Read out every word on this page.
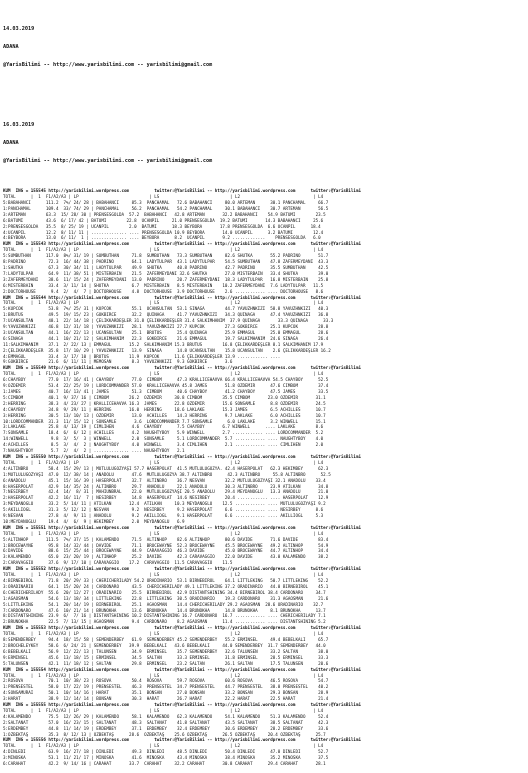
14.03.2019

ADANA

@YarisBilimi -- http://www.yarisbilimi.com -- yarisbilimi@gmail.com

16.03.2019

ADANA

@YarisBilimi -- http://www.yarisbilimi.com -- yarisbilimi@gmail.com

KUM  ING = 155545 http://yarisbilimi.wordpress.com          twitter:@YarisBilimi -- http://yarisbilimi.wordpress.com      twitter:@YarisBilimi
TOTAL      |  1  F1/A2/A3 | LP                            | LS                            | L2                             | L4
5:BABAHANCI      111.2  7%/ 24/ 28 | BABAHANCI     85.3  PANCHAMAL   72.6 BABAHANCI     80.0 ARTEMAN      30.1 PANCHAMAL     66.7
1:PANCHAMAL      109.4  33/ 74/ 29 | PANCHAMAL     56.2  PANCHAMAL   54.2 PANCHAMAL     30.1 BABAHANCI    30.7 ARTEMAN       56.5
3:ARTEMAN        63.3  15/ 28/ 30 | PRENSESGOLDA  57.2  BABAHANCI   42.8 ARTEMAN       32.2 BABAHANCI    54.9 BATUMI        23.5
6:BATUMI         43.6  6/ 17/ 42 | BATUMI        22.8  UCANPIL     21.0 PRENSESGOLDA  19.2 BATUMI       14.3 BABAHANCI     25.6
2:PRENSESGOLDA   35.5  8/ 25/ 19 | UCANPIL        2.0  BATUMI      18.3 BEYBORA       17.8 PRENSESGOLDA  6.6 UCANPIL      18.4
4:UCANPIL        12.2  8/ 11/ 11 | .............. .... PRENSESGOLDA 10.9 BEYBORA       14.0 UCANPIL      3.2 BATUMI        12.4
4:BEYBORA        13.0  6/ 11/  1 | .............. .... BEYBORA      8.2  UCANPIL       9.2 .............    PRENSESGOLDA   6.0
KUM  ING = 155543 http://yarisbilimi.wordpress.com          twitter:@YarisBilimi -- http://yarisbilimi.wordpress.com      twitter:@YarisBilimi
TOTAL      |  1  F1/A2/A3 | LP                            | LS                            | L2                             | L4
5:SUMBUTHAN      117.0  8%/ 31/ 19 | SUMBUTHAN     71.8  SUMBUTHAN   73.3 SUMBUTHAN     82.6 SHUTKA       55.2 PADRINO       51.7
8:PADRINO         72.3  16/ 44/ 38 | PADRINO       64.1  LADYTULPAR  43.1 LADYTULPAR    54.5 SUMBUTHAN    47.8 ZAFERMEYDANI  43.3
1:SHUTKA          67.3  30/ 34/ 11 | LADYTULPAR    49.9  SHUTKA      40.8 PADRINO       42.7 PADRINO      35.5 SUMBUTHAN     42.5
7:LADYTULPAR      64.9  11/ 38/ 51 | MISTERBAIN    21.5  ZAFERMEYDANI 32.6 SHUTKA       27.0 MISTERBAIN   33.4 SHUTKA        39.0
3:ZAFERMEYDANI    38.6  11/ 15/ 24 | ZAFERMEYDANI  13.0  PADRINO     20.7 ZAFERMEYDANI  18.3 LADYTULPAR   16.8 MISTERBAIN    25.8
6:MISTERBAIN      33.4  3/ 11/ 14 | SHUTKA         6.7  MISTERBAIN   8.5 MISTERBAIN    10.2 ZAFERMEYDANI  7.6 LADYTULPAR   11.5
2:DOCTORHOUSE      9.4  2/  4/  7 | DOCTORHOUSE    4.8  DOCTORHOUSE  3.9 DOCTORHOUSE    2.6 ............ .... DOCTORHOUSE   8.6
KUM  ING = 155544 http://yarisbilimi.wordpress.com          twitter:@YarisBilimi -- http://yarisbilimi.wordpress.com      twitter:@YarisBilimi
TOTAL      |  1  F1/A2/A3 | LP                            | LS                            | L2                             | L4
5:KUPCOK          53.8  7%/ 25/ 31 | KUPCOK        55.1  UCANSULTAN  53.1 SINAGA        44.7 YAVUZHNKIZI  58.8 YAVUZHNKIZI   40.3
1:BRUTUS          49.5  19/ 15/ 23 | GOKBIRCE      32.2  QUINAGA     41.7 YAVUZHNKIZI   34.3 QUINAGA      47.4 YAVUZHNKIZI   36.8
7:UCANSULTAN      48.1  22/ 14/ 18 | ÇELIKKARDEŞLER 31.8 ÇELIKKARDEŞLER 31.4 SALKIMHANIM  37.9 QUINAGA       33.3 QUINAGA      33.3
9:YAVUZHNKIZI     46.8  12/ 31/ 18 | YAVUZHNKIZI   28.1  YAVUZHNKIZI 27.7 KUPCOK        27.3 GOKBIRCE     25.1 KUPCOK        28.8
3:UCANSULTAN      44.1  16/ 22/ 13 | UCANSULTAN    25.1  BRUTUS      25.4 QUINAGA       25.9 EMMAGUL      25.0 EMMAGUL       28.6
6:SINAGA          44.1  10/ 21/ 12 | SALKIMHANIM   22.3  GOKBIRCE    21.6 EMMAGUL       19.7 SALKIMHANIM  24.6 SINAGA        26.4
11:SALKIMHANIM    37.1  2/ 22/ 13 | EMMAGUL       15.2  SALKIMHANIM 15.3 BRUTUS        16.8 ÇELIKKARDEŞLER 8.1 SALKIMHANIM 17.9
2:ÇELIKKARDEŞLER  35.8  17/ 10/ 29 | YAVUZHNKIZI   13.9  SINAGA      14.8 UCANSULTAN    15.8 UCANSULTAN    2.6 ÇELIKKARDEŞLER 16.2
4:EMMAGUL         33.4  3/ 17/ 10 | BRUTUS        11.9  KUPCOK      11.6 ÇELIKKARDEŞLER 13.9 ............ ....
9:GOKBIRCE        21.6  6/ 11/ 11 | MEMOSAN        8.3  YAVUZHNKIZI  9.3 GOKBIRCE       3.6
KUM  ING = 155549 http://yarisbilimi.wordpress.com          twitter:@YarisBilimi -- http://yarisbilimi.wordpress.com      twitter:@YarisBilimi
TOTAL      |  1  F1/A2/A3 | LP                            | LS                            | L2                             | L4
6:CHAYBOY         77.0  17/ 16/ 41 | CHAYBOY       77.0  CIMBOM      47.3 KRALLICEHAVVA 66.4 KRALLICEHAVVA 54.5 CHAYBOY      52.5
9:OZDEMIR         53.4  22/ 25/ 19 | LORDCOMMANDER 57.0  KRALLICEHAVVA 45.8 JAMES       51.8 OZDEMIR      47.6 CIMBOM        37.4
1:JAMES           40.7  16/ 13/ 41 | JAMES         51.3  CIMBOM      40.6 CHAYBOY       41.2 CHAYBOY      47.5 JAMES         33.5
5:CIMBOM          40.1  9/ 37/ 16 | CIMBOM        26.2  OZDEMIR     30.8 CIMBOM        35.5 CIMBOM       23.0 OZDEMIR       31.1
2:HERRING         38.3  4/ 23/ 27 | KRALLICEHAVVA 16.3  JAMES       22.8 OZDEMIR       15.6 SONSAMLE      8.8 OZDEMIR       24.5
4:CHAYBOY         34.8  9/ 29/ 11 | HERRING       16.0  HERRING     18.6 LAKLAKE       15.3 JAMES         6.5 ACHILLES      10.7
3:HERRING         30.5  13/ 10/ 13 | OZDEMIR       13.0  ACHILLES    14.3 HERRING       9.7 LAKLAKE       6.0 ACHILLES      10.7
10:LORDCOMMANDER  31.3  11/ 15/ 12 | SONSAMLE       3.6  LORDCOMMANDER 7.7 SONSAMLE      6.0 LAKLAKE      3.2 WINWELL       15.1
3:LAKLAKE         25.8  4/ 13/ 19 | CIMLIHEN       4.6  CHAYBOY      7.5 CHAYBOY       6.7 WINWELL      .... LAKLAKE        8.6
7:SONSAMLE        18.4  6/  6/ 12 | ACHILLES       4.2  NAUGHTYBOY   5.9 WINWELL       2.7 ............ .... LORDCOMMANDER  5.2
14:WINWELL         9.8  3/  5/  3 | WINWELL        2.0  SONSAMLE     5.1 LORDCOMMANDER  5.7 ............ .... NAUGHTYBOY    4.0
4:ACHILLES         8.5  3/  4/  2 | NAUGHTYBOY     4.0  WINWELL      3.4 CIMLIHEN       2.1 ............ .... CIMLIHEN      2.0
7:NAUGHTYBOY       5.7  2/  4/  2 | .............. .... NAUGHTYBOY   2.1
KUM  ING = 155550 http://yarisbilimi.wordpress.com          twitter:@YarisBilimi -- http://yarisbilimi.wordpress.com      twitter:@YarisBilimi
TOTAL      |  1  F1/A2/A3 | LP                            | LS                            | L2                             | L4
4:ALTINBRO        58.4  15/ 29/ 13 | MUTLULUGOZYAŞI 57.7 HASERPOLAT  41.5 MUTLULUGOZYA. 42.4 HASERPOLAT   62.3 HEKIMBEY      62.3
1:MUTLULUGOZYAŞI  47.0  12/ 38/ 14 | ANADOLU       47.6  MUTLULUGOZYA 38.7 ALTINBRO      42.3 ALTINBRO     55.8 ALTINBRO      52.5
6:ANADOLU         45.1  15/ 16/ 39 | HASERPOLAT    32.7  ALTINBRO    36.7 NESVAN        32.2 MUTLULUGOZYAŞI 32.1 ANADOLU    33.4
8:HASERPOLAT      42.9  14/ 35/ 24 | ALTINBRO      29.7  ANADOLU     22.1 ANADOLU       30.3 ALTINBRO     23.9 ATILKAN       34.8
7:NESIRBEY        42.4  14/  8/ 31 | MAHIUNBRAL    22.0  MUTLULUGOZYAŞI 20.5 ANADOLU    29.4 MEYDANOGLU   13.3 ANADOLU       21.0
2:HASERPOLAT      42.2  16/ 11/  7 | NESIRBEY      14.8  HASERPOLAT  14.6 NESIRBEY      20.4 ............ .... HASERPOLAT    12.9
3:MEYDANOGLU      33.2  5/ 14/ 11 | ATILKAN       12.4  ATILKAN     10.3 MEYDANOGLU    12.5 ............ .... MUTLULUGOZYAŞI 9.2
5:AKILLIOGL       31.3  5/ 12/ 12 | NESVAN         9.2  NESIRBEY     9.2 HASERPOLAT     6.6 ............ .... NESIRBEY      8.6
9:NESVAN          27.8  4/  9/ 11 | ANADOLU        9.2  AKILLIOGL    9.1 HASERPOLAT     6.6 ............ .... AKILLIOGL     5.3
10:MEYDANOGLU     19.4  4/  6/  9 | HEKIMBEY       2.0  MEYDANOGLU   6.9
KUM  ING = 155551 http://yarisbilimi.wordpress.com          twitter:@YarisBilimi -- http://yarisbilimi.wordpress.com      twitter:@YarisBilimi
TOTAL      |  1  F1/A2/A3 | LP                            | LS                            | L2                             | L4
5:ALTINHOP       111.5  7%/ 37/ 15 | KALAMENDO     71.5  ALTINHOP    82.6 ALTINHOP      80.6 DAVIDE       71.6 DAVIDE        83.4
1:BROCEWAYNE      95.8  14/ 32/ 44 | DAVIDE        71.1  BROCEWAYNE  52.3 BROCEWAYNE    45.5 BROCEWAYNE   49.2 ALTINHOP      54.9
6:DAVIDE          88.6  15/ 25/ 44 | BROCEWAYNE    44.9  CARAVAGGIO  46.3 DAVIDE        45.0 BROCEWAYNE   44.7 ALTINHOP      34.4
3:KALAMENDO       65.0  23/ 20/ 19 | ALTINHOP      25.2  DAVIDE      42.3 CARAVAGGIO    22.0 DAVIDE       43.0 KALAMENDO     38.2
2:CARAVAGGIO      37.6  9/ 17/ 10 | CARAVAGGIO    17.2  CARAVAGGIO  11.5 CARAVAGGIO    11.5
KUM  ING = 155552 http://yarisbilimi.wordpress.com          twitter:@YarisBilimi -- http://yarisbilimi.wordpress.com      twitter:@YarisBilimi
TOTAL      |  1  F1/A2/A3 | LP                            | LS                            | L2                             | L4
4:BIRNEBIROL      71.8  20/ 29/ 33 | CHERICHERILADY 54.2 ORADINARIO  53.1 BIRNEBIROL    64.1 LITTLEKING   50.7 LITTLEKING    52.2
3:ORADINARIO      64.1  15/ 20/ 24 | CARDONARO     43.5  CHERICHERILADY 49.1 LITTLEKING 37.2 ORADINARIO   44.0 BIRNEBIROL    45.1
6:CHERICHERILADY  55.6  20/ 12/ 27 | ORADINARIO    25.5  BIRNEBIROL  42.9 DISTANTSHINING 34.4 BIRNEBIROL 38.4 CARDONARO     34.7
1:AGAOSMAN        54.6  13/ 18/ 34 | LITTLEKING    22.8  LITTLEKING  30.5 ORADINARIO    19.3 CARDONARO    31.3 AGAOSMAN      21.6
5:LITTLEKING      54.1  20/ 14/ 19 | BIRNEBIROL    25.1  AGAOSMAN    14.4 CHERICHERILADY 29.2 AGAOSMAN  28.6 ORADINARIO    32.7
7:CARDONARO       47.6  10/ 21/ 14 | BRUNOKHA      13.6  BRUNOKHA    14.4 BRUNOKHA      14.8 BRUNOKHA     8.1 BRUNOKHA      13.7
8:DISTANTSHINING  23.9  6/  7/ 16 | DISTANTSHINING 10.2 DISTANTSHINING 16.7 CARDONARO  16.7 ............ .... CHERICHERILADY 7.1
2:BRUNOKHA        22.5  7/ 13/ 15 | AGAOSMAN       9.4  CARDONARO    8.2 AGAOSMAN      11.4 ............ .... DISTANTSHINING 5.2
KUM  ING = 155553 http://yarisbilimi.wordpress.com          twitter:@YarisBilimi -- http://yarisbilimi.wordpress.com      twitter:@YarisBilimi
TOTAL      |  1  F1/A2/A3 | LP                            | LS                            | L2                             | L4
8:SEMENDERBEY     94.4  18/ 15/ 58 | SEMENDERBEY   61.9  SEMENDERBEY 45.2 SEMENDERBEY   55.2 ERMINSEL     49.4 BEBELKALI     65.7
2:BROCHELEYKEY    58.6  6/ 24/ 21 | SEMENDERBEY   39.9  BEBELKALI   43.6 BEBELKALI     44.0 SEMENDERBEY  31.7 SEMENDERBEY   44.0
6:BEBELKALI       56.9  12/ 22/ 13 | TALUNSEN      34.9  ERMINSEL    35.7 SEMENDERBEY   32.6 TALUNSEN     33.2 SALTAN        38.0
9:ERMINSEL        45.6  13/ 18/ 15 | ERMINSEL      34.5  SALTAN      33.3 ERMINSEL      31.8 ERMINSEL     28.5 ERMINSEL      33.3
5:TALUNSEN        42.1  11/ 18/ 12 | SALTAN        29.8  ERMINSEL    23.2 SALTAN        26.1 SALTAN       17.5 TALUNSEN      20.6
KUM  ING = 155554 http://yarisbilimi.wordpress.com          twitter:@YarisBilimi -- http://yarisbilimi.wordpress.com      twitter:@YarisBilimi
TOTAL      |  1  F1/A2/A3 | LP                            | LS                            | L2                             | L4
2:ROSOVA          70.1  10/ 38/ 23 | ROSOVA        50.4  ROSOVA      59.7 ROSOVA        60.6 ROSOVA       46.5 ROSOVA        54.7
1:PRENSESTEL      58.0  17/ 22/ 19 | PRENSESTEL    46.3  PRENSESTEL  34.7 PRENSESTEL    44.7 PRENSESTEL   38.0 PRENSESTEL    40.2
4:SONSAMURAI      50.1  10/ 14/ 16 | HARAT         35.1  BONSAN      27.0 BONSAN        33.2 BONSAN       29.3 BONSAN        28.9
3:HARAT           38.9  12/ 14/ 14 | BONSAN        30.3  HARAT       26.7 HARAT         22.2 HARAT        22.5 HARAT         21.4
KUM  ING = 155555 http://yarisbilimi.wordpress.com          twitter:@YarisBilimi -- http://yarisbilimi.wordpress.com      twitter:@YarisBilimi
TOTAL      |  1  F1/A2/A3 | LP                            | LS                            | L2                             | L4
4:KALAMENDO       75.5  12/ 26/ 29 | KALAMENDO     58.1  KALAMENDO   62.3 KALAMENDO     54.1 KALAMENDO    51.3 KALAMENDO     52.4
2:SALTANAT        57.0  16/ 23/ 15 | SALTANAT      48.3  SALTANAT    41.8 SALTANAT      43.5 SALTANAT     38.5 SALTANAT      42.3
5:ERDEMBEY        44.8  11/ 14/ 19 | ERDEMBEY      37.1  ERDEMBEY    32.4 ERDEMBEY      30.6 ERDEMBEY     28.2 ERDEMBEY      33.6
1:OZBEKTAŞ        35.3  8/ 12/ 13 | OZBEKTAŞ      28.6  OZBEKTAŞ    25.6 OZBEKTAŞ      26.5 OZBEKTAŞ     20.4 OZBEKTAŞ      25.7
KUM  ING = 155556 http://yarisbilimi.wordpress.com          twitter:@YarisBilimi -- http://yarisbilimi.wordpress.com      twitter:@YarisBilimi
TOTAL      |  1  F1/A2/A3 | LP                            | LS                            | L2                             | L4
4:DINLEDI         63.9  16/ 27/ 18 | DINLEDI       49.3  DINLEDI     48.5 DINLEDI       50.4 DINLEDI      47.0 DINLEDI       52.7
3:MINOSKA         53.1  11/ 21/ 17 | MINOSKA       41.6  MINOSKA     43.4 MINOSKA       38.4 MINOSKA      35.2 MINOSKA       37.5
6:CARAHAT         42.2  9/ 14/ 16 | CARAHAT       33.7  CARAHAT     32.2 CARAHAT       30.8 CARAHAT      29.4 CARAHAT       28.1
